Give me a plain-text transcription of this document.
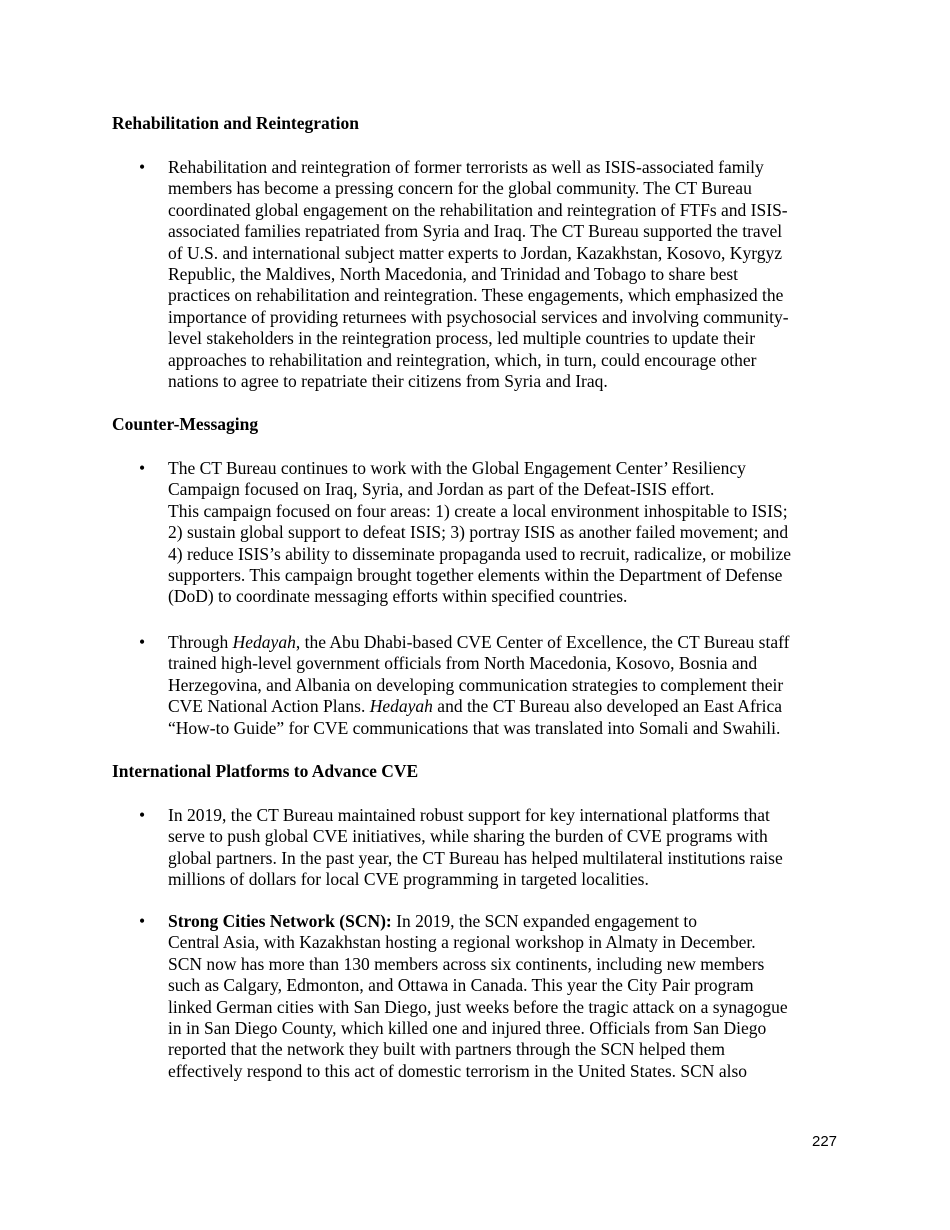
Rehabilitation and Reintegration
•	Rehabilitation and reintegration of former terrorists as well as ISIS-associated family
members has become a pressing concern for the global community. The CT Bureau
coordinated global engagement on the rehabilitation and reintegration of FTFs and ISIS-
associated families repatriated from Syria and Iraq. The CT Bureau supported the travel
of U.S. and international subject matter experts to Jordan, Kazakhstan, Kosovo, Kyrgyz
Republic, the Maldives, North Macedonia, and Trinidad and Tobago to share best
practices on rehabilitation and reintegration. These engagements, which emphasized the
importance of providing returnees with psychosocial services and involving community-
level stakeholders in the reintegration process, led multiple countries to update their
approaches to rehabilitation and reintegration, which, in turn, could encourage other
nations to agree to repatriate their citizens from Syria and Iraq.
Counter-Messaging
•	The CT Bureau continues to work with the Global Engagement Center’ Resiliency
Campaign focused on Iraq, Syria, and Jordan as part of the Defeat-ISIS effort.
This campaign focused on four areas: 1) create a local environment inhospitable to ISIS;
2) sustain global support to defeat ISIS; 3) portray ISIS as another failed movement; and
4) reduce ISIS’s ability to disseminate propaganda used to recruit, radicalize, or mobilize
supporters. This campaign brought together elements within the Department of Defense
(DoD) to coordinate messaging efforts within specified countries.
•	Through Hedayah, the Abu Dhabi-based CVE Center of Excellence, the CT Bureau staff
trained high-level government officials from North Macedonia, Kosovo, Bosnia and
Herzegovina, and Albania on developing communication strategies to complement their
CVE National Action Plans. Hedayah and the CT Bureau also developed an East Africa
“How-to Guide” for CVE communications that was translated into Somali and Swahili.
International Platforms to Advance CVE
•	In 2019, the CT Bureau maintained robust support for key international platforms that
serve to push global CVE initiatives, while sharing the burden of CVE programs with
global partners. In the past year, the CT Bureau has helped multilateral institutions raise
millions of dollars for local CVE programming in targeted localities.
•	Strong Cities Network (SCN): In 2019, the SCN expanded engagement to
Central Asia, with Kazakhstan hosting a regional workshop in Almaty in December.
SCN now has more than 130 members across six continents, including new members
such as Calgary, Edmonton, and Ottawa in Canada. This year the City Pair program
linked German cities with San Diego, just weeks before the tragic attack on a synagogue
in in San Diego County, which killed one and injured three. Officials from San Diego
reported that the network they built with partners through the SCN helped them
effectively respond to this act of domestic terrorism in the United States. SCN also
227
